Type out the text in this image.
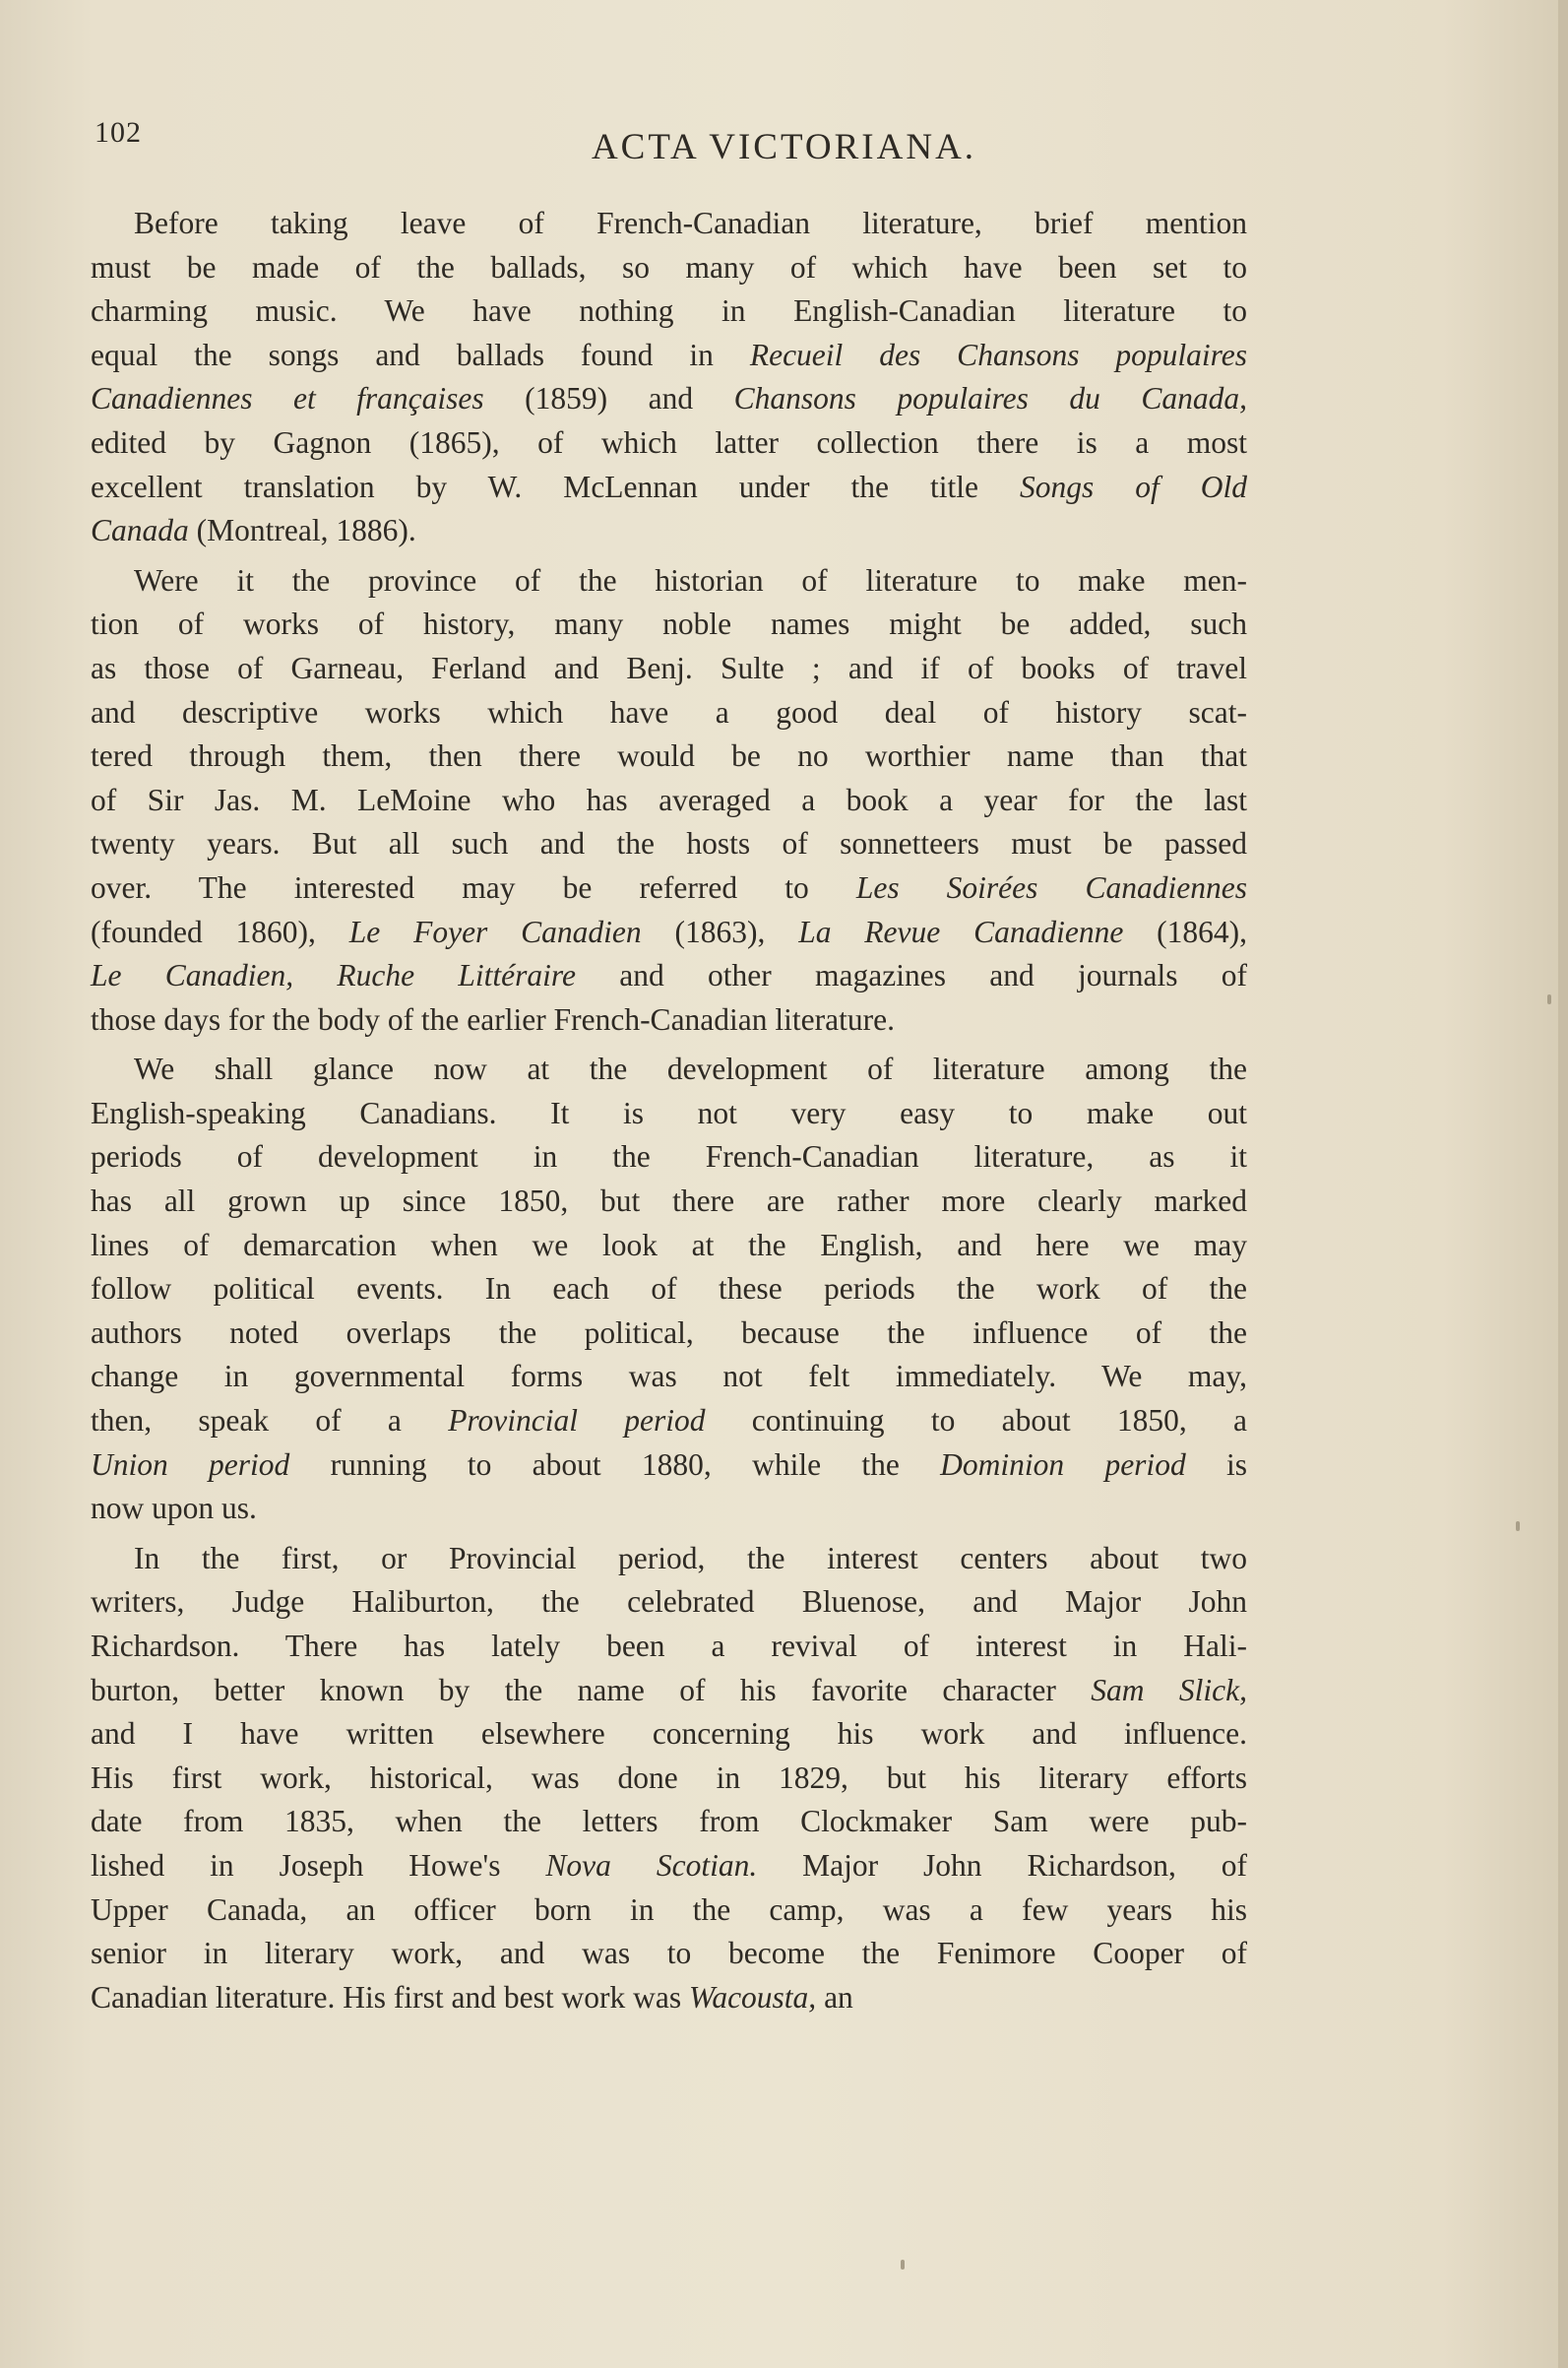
102	ACTA VICTORIANA.
Before taking leave of French-Canadian literature, brief mention
must be made of the ballads, so many of which have been set to
charming music. We have nothing in English-Canadian literature to
equal the songs and ballads found in Recueil des Chansons populaires
Canadiennes et françaises (1859) and Chansons populaires du Canada,
edited by Gagnon (1865), of which latter collection there is a most
excellent translation by W. McLennan under the title Songs of Old
Canada (Montreal, 1886).
Were it the province of the historian of literature to make men-
tion of works of history, many noble names might be added, such
as those of Garneau, Ferland and Benj. Sulte ; and if of books of travel
and descriptive works which have a good deal of history scat-
tered through them, then there would be no worthier name than that
of Sir Jas. M. LeMoine who has averaged a book a year for the last
twenty years. But all such and the hosts of sonnetteers must be passed
over. The interested may be referred to Les Soirées Canadiennes
(founded 1860), Le Foyer Canadien (1863), La Revue Canadienne (1864),
Le Canadien, Ruche Littéraire and other magazines and journals of
those days for the body of the earlier French-Canadian literature.
We shall glance now at the development of literature among the
English-speaking Canadians. It is not very easy to make out
periods of development in the French-Canadian literature, as it
has all grown up since 1850, but there are rather more clearly marked
lines of demarcation when we look at the English, and here we may
follow political events. In each of these periods the work of the
authors noted overlaps the political, because the influence of the
change in governmental forms was not felt immediately. We may,
then, speak of a Provincial period continuing to about 1850, a
Union period running to about 1880, while the Dominion period is
now upon us.
In the first, or Provincial period, the interest centers about two
writers, Judge Haliburton, the celebrated Bluenose, and Major John
Richardson. There has lately been a revival of interest in Hali-
burton, better known by the name of his favorite character Sam Slick,
and I have written elsewhere concerning his work and influence.
His first work, historical, was done in 1829, but his literary efforts
date from 1835, when the letters from Clockmaker Sam were pub-
lished in Joseph Howe's Nova Scotian. Major John Richardson, of
Upper Canada, an officer born in the camp, was a few years his
senior in literary work, and was to become the Fenimore Cooper of
Canadian literature. His first and best work was Wacousta, an
